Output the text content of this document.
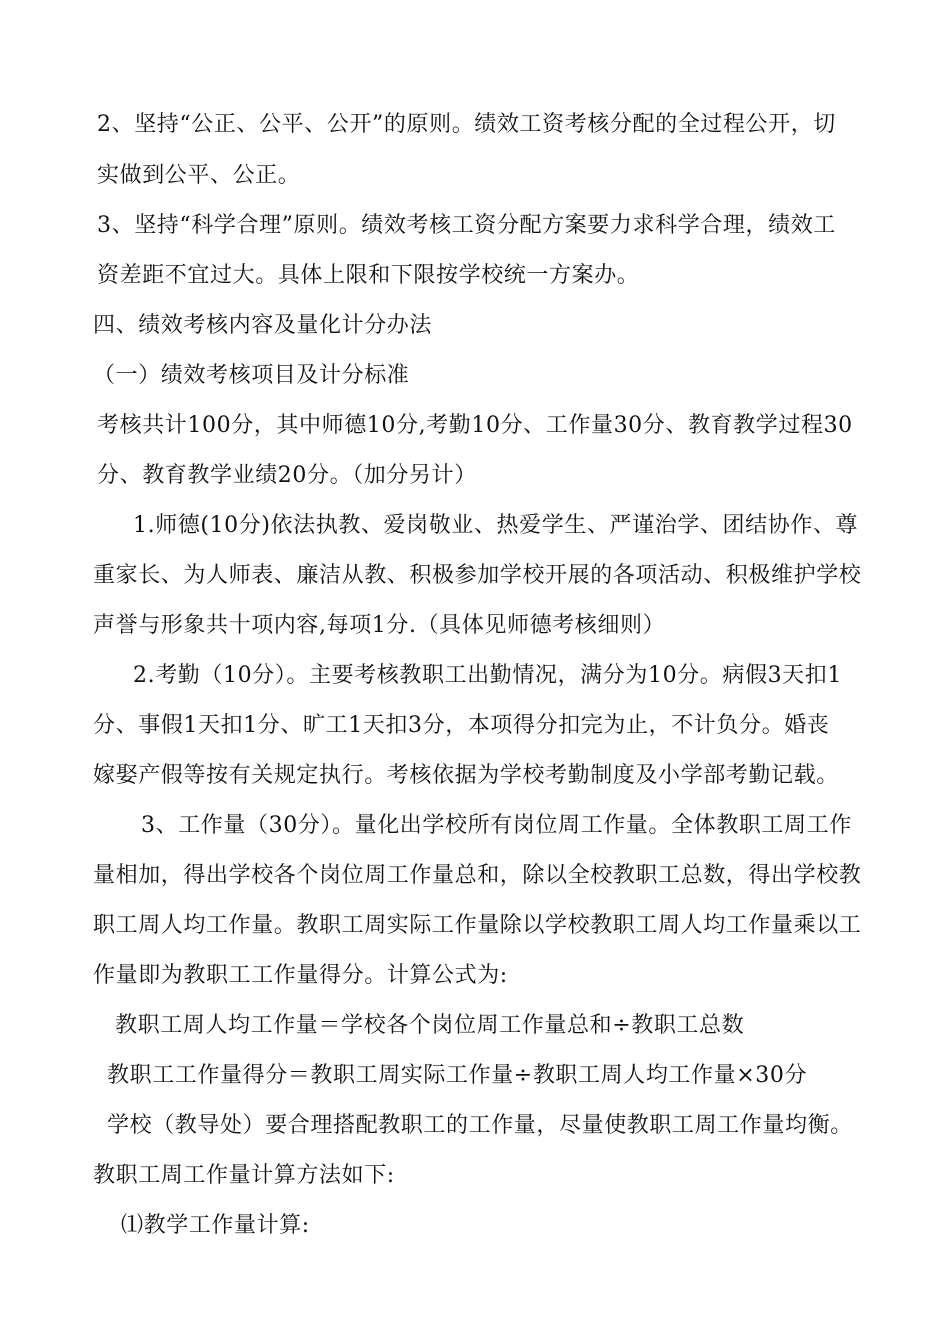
2、坚持“公正、公平、公开”的原则。绩效工资考核分配的全过程公开，切
实做到公平、公正。
3、坚持“科学合理”原则。绩效考核工资分配方案要力求科学合理，绩效工
资差距不宜过大。具体上限和下限按学校统一方案办。
四、绩效考核内容及量化计分办法
（一）绩效考核项目及计分标准
考核共计100分，其中师德10分,考勤10分、工作量30分、教育教学过程30
分、教育教学业绩20分。（加分另计）
1.师德(10分)依法执教、爱岗敬业、热爱学生、严谨治学、团结协作、尊
重家长、为人师表、廉洁从教、积极参加学校开展的各项活动、积极维护学校
声誉与形象共十项内容,每项1分.（具体见师德考核细则）
2.考勤（10分）。主要考核教职工出勤情况，满分为10分。病假3天扣1
分、事假1天扣1分、旷工1天扣3分，本项得分扣完为止，不计负分。婚丧
嫁娶产假等按有关规定执行。考核依据为学校考勤制度及小学部考勤记载。
3、工作量（30分）。量化出学校所有岗位周工作量。全体教职工周工作
量相加，得出学校各个岗位周工作量总和，除以全校教职工总数，得出学校教
职工周人均工作量。教职工周实际工作量除以学校教职工周人均工作量乘以工
作量即为教职工工作量得分。计算公式为:
教职工周人均工作量＝学校各个岗位周工作量总和÷教职工总数
教职工工作量得分＝教职工周实际工作量÷教职工周人均工作量×30分
学校（教导处）要合理搭配教职工的工作量，尽量使教职工周工作量均衡。
教职工周工作量计算方法如下:
⑴教学工作量计算:
